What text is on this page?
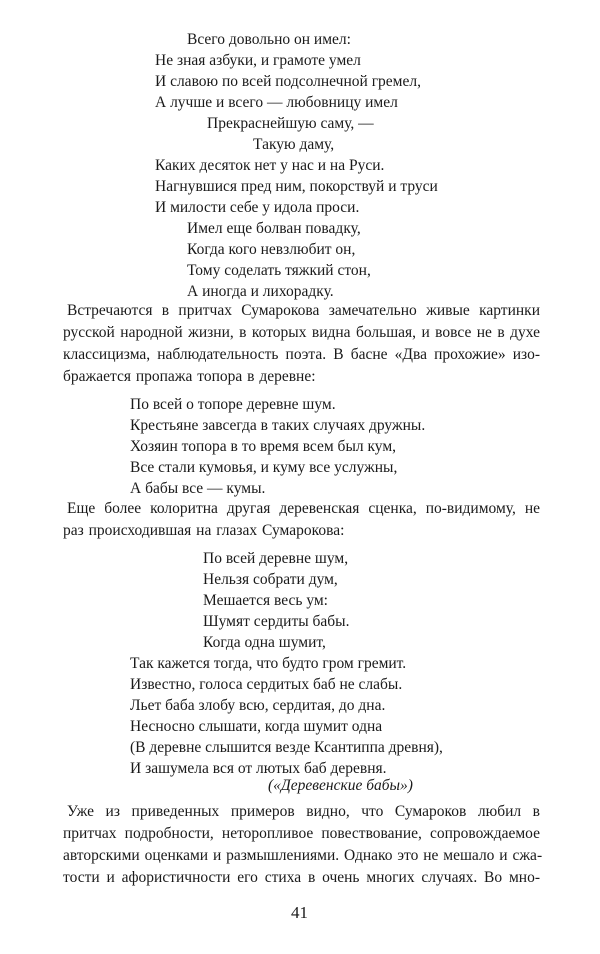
Всего довольно он имел:
Не зная азбуки, и грамоте умел
И славою по всей подсолнечной гремел,
А лучше и всего — любовницу имел
Прекраснейшую саму, —
Такую даму,
Каких десяток нет у нас и на Руси.
Нагнувшися пред ним, покорствуй и труси
И милости себе у идола проси.
Имел еще болван повадку,
Когда кого невзлюбит он,
Тому соделать тяжкий стон,
А иногда и лихорадку.
Встречаются в притчах Сумарокова замечательно живые картинки
русской народной жизни, в которых видна большая, и вовсе не в духе
классицизма, наблюдательность поэта. В басне «Два прохожие» изо-
бражается пропажа топора в деревне:
По всей о топоре деревне шум.
Крестьяне завсегда в таких случаях дружны.
Хозяин топора в то время всем был кум,
Все стали кумовья, и куму все услужны,
А бабы все — кумы.
Еще более колоритна другая деревенская сценка, по-видимому, не
раз происходившая на глазах Сумарокова:
По всей деревне шум,
Нельзя собрати дум,
Мешается весь ум:
Шумят сердиты бабы.
Когда одна шумит,
Так кажется тогда, что будто гром гремит.
Известно, голоса сердитых баб не слабы.
Льет баба злобу всю, сердитая, до дна.
Несносно слышати, когда шумит одна
(В деревне слышится везде Ксантиппа древня),
И зашумела вся от лютых баб деревня.
(«Деревенские бабы»)
Уже из приведенных примеров видно, что Сумароков любил в
притчах подробности, неторопливое повествование, сопровождаемое
авторскими оценками и размышлениями. Однако это не мешало и сжа-
тости и афористичности его стиха в очень многих случаях. Во мно-
41
